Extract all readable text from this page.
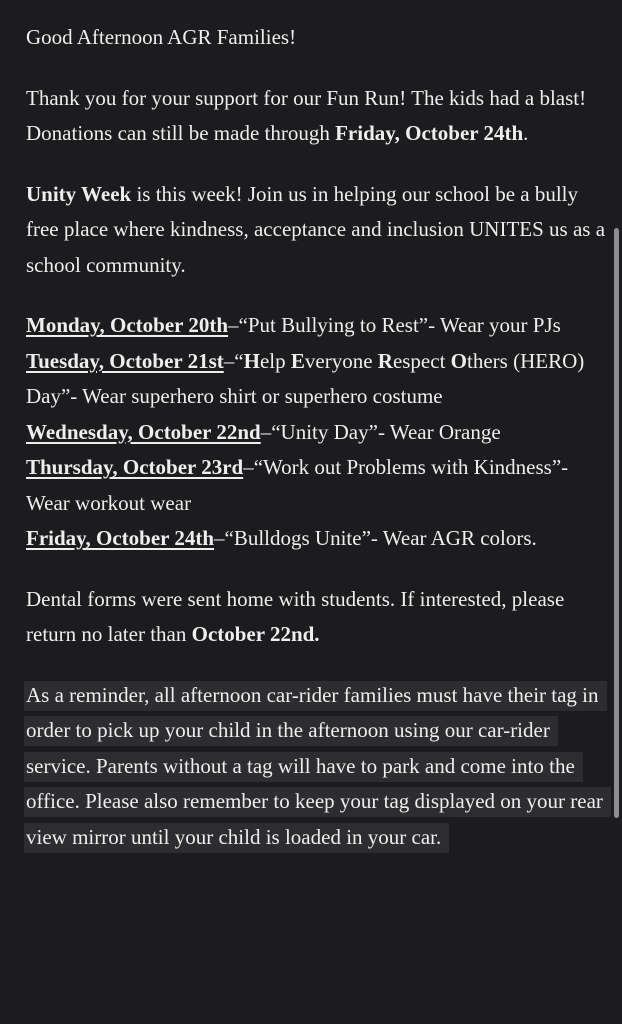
Good Afternoon AGR Families!

Thank you for your support for our Fun Run! The kids had a blast! Donations can still be made through Friday, October 24th.

Unity Week is this week! Join us in helping our school be a bully free place where kindness, acceptance and inclusion UNITES us as a school community.

Monday, October 20th–“Put Bullying to Rest”- Wear your PJs

Tuesday, October 21st–“Help Everyone Respect Others (HERO) Day”- Wear superhero shirt or superhero costume

Wednesday, October 22nd–“Unity Day”- Wear Orange

Thursday, October 23rd–“Work out Problems with Kindness”- Wear workout wear

Friday, October 24th–“Bulldogs Unite”- Wear AGR colors.

Dental forms were sent home with students. If interested, please return no later than October 22nd.

As a reminder, all afternoon car-rider families must have their tag in order to pick up your child in the afternoon using our car-rider service. Parents without a tag will have to park and come into the office. Please also remember to keep your tag displayed on your rear view mirror until your child is loaded in your car.
